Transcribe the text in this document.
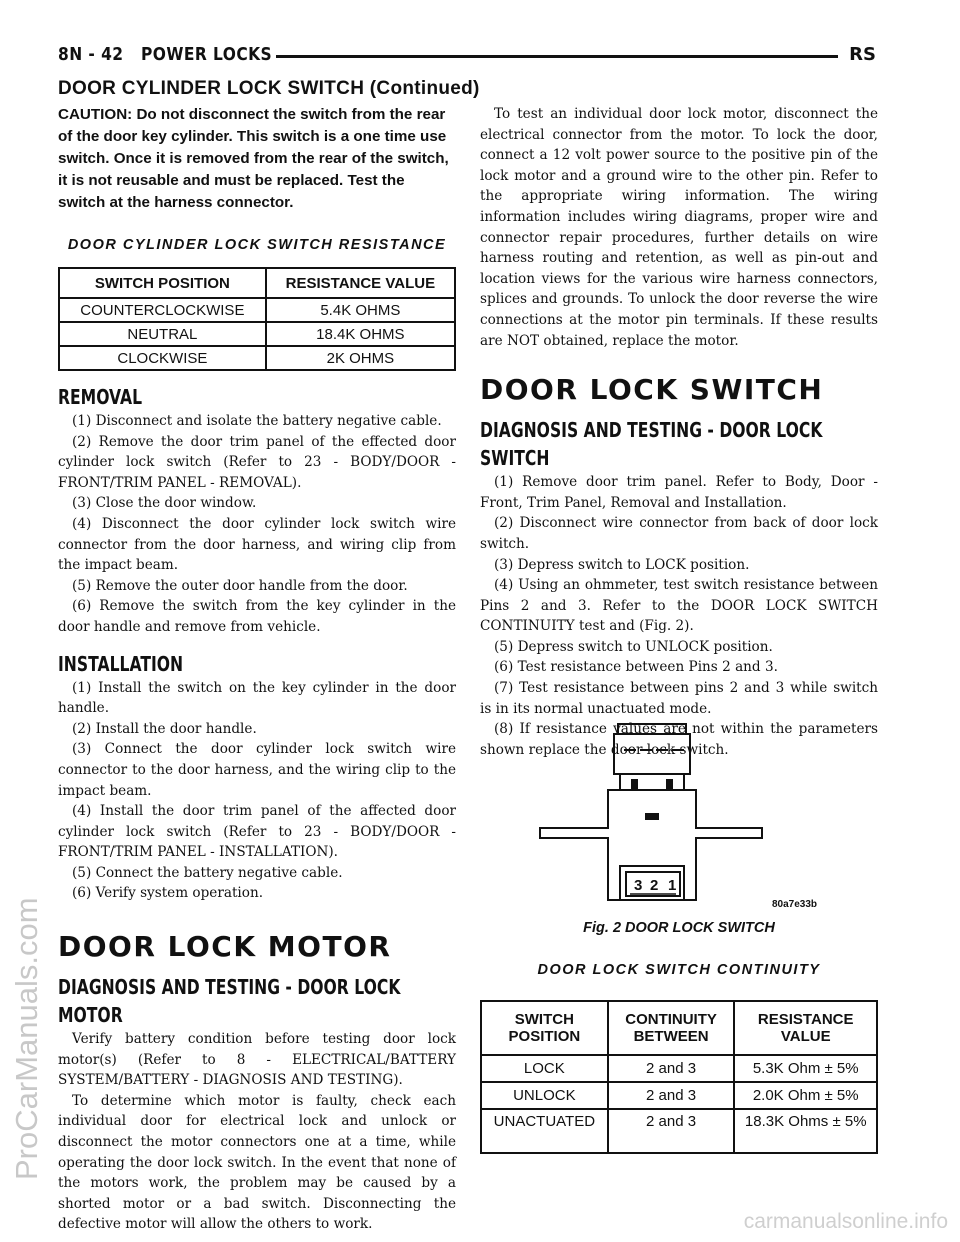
ProCarManuals.com
carmanualsonline.info
8N - 42 POWER LOCKS	RS
DOOR CYLINDER LOCK SWITCH (Continued)

CAUTION: Do not disconnect the switch from the rear of the door key cylinder. This switch is a one time use switch. Once it is removed from the rear of the switch, it is not reusable and must be replaced. Test the switch at the harness connector.

DOOR CYLINDER LOCK SWITCH RESISTANCE

SWITCH POSITION	RESISTANCE VALUE
COUNTERCLOCKWISE	5.4K OHMS
NEUTRAL	18.4K OHMS
CLOCKWISE	2K OHMS
REMOVAL

(1) Disconnect and isolate the battery negative cable.

(2) Remove the door trim panel of the effected door cylinder lock switch (Refer to 23 - BODY/DOOR - FRONT/TRIM PANEL - REMOVAL).

(3) Close the door window.

(4) Disconnect the door cylinder lock switch wire connector from the door harness, and wiring clip from the impact beam.

(5) Remove the outer door handle from the door.

(6) Remove the switch from the key cylinder in the door handle and remove from vehicle.

INSTALLATION

(1) Install the switch on the key cylinder in the door handle.

(2) Install the door handle.

(3) Connect the door cylinder lock switch wire connector to the door harness, and the wiring clip to the impact beam.

(4) Install the door trim panel of the affected door cylinder lock switch (Refer to 23 - BODY/DOOR - FRONT/TRIM PANEL - INSTALLATION).

(5) Connect the battery negative cable.

(6) Verify system operation.

DOOR LOCK MOTOR
DIAGNOSIS AND TESTING - DOOR LOCK
MOTOR

Verify battery condition before testing door lock motor(s) (Refer to 8 - ELECTRICAL/BATTERY SYSTEM/BATTERY - DIAGNOSIS AND TESTING).

To determine which motor is faulty, check each individual door for electrical lock and unlock or disconnect the motor connectors one at a time, while operating the door lock switch. In the event that none of the motors work, the problem may be caused by a shorted motor or a bad switch. Disconnecting the defective motor will allow the others to work.

To test an individual door lock motor, disconnect the electrical connector from the motor. To lock the door, connect a 12 volt power source to the positive pin of the lock motor and a ground wire to the other pin. Refer to the appropriate wiring information. The wiring information includes wiring diagrams, proper wire and connector repair procedures, further details on wire harness routing and retention, as well as pin-out and location views for the various wire harness connectors, splices and grounds. To unlock the door reverse the wire connections at the motor pin terminals. If these results are NOT obtained, replace the motor.

DOOR LOCK SWITCH
DIAGNOSIS AND TESTING - DOOR LOCK
SWITCH

(1) Remove door trim panel. Refer to Body, Door - Front, Trim Panel, Removal and Installation.

(2) Disconnect wire connector from back of door lock switch.

(3) Depress switch to LOCK position.

(4) Using an ohmmeter, test switch resistance between Pins 2 and 3. Refer to the DOOR LOCK SWITCH CONTINUITY test and (Fig. 2).

(5) Depress switch to UNLOCK position.

(6) Test resistance between Pins 2 and 3.

(7) Test resistance between pins 2 and 3 while switch is in its normal unactuated mode.

(8) If resistance values are not within the parameters shown replace the door lock switch.

3 2 1
80a7e33b

Fig. 2 DOOR LOCK SWITCH

DOOR LOCK SWITCH CONTINUITY

SWITCH POSITION	CONTINUITY BETWEEN	RESISTANCE VALUE
LOCK	2 and 3	5.3K Ohm ± 5%
UNLOCK	2 and 3	2.0K Ohm ± 5%
UNACTUATED	2 and 3	18.3K Ohms ± 5%
